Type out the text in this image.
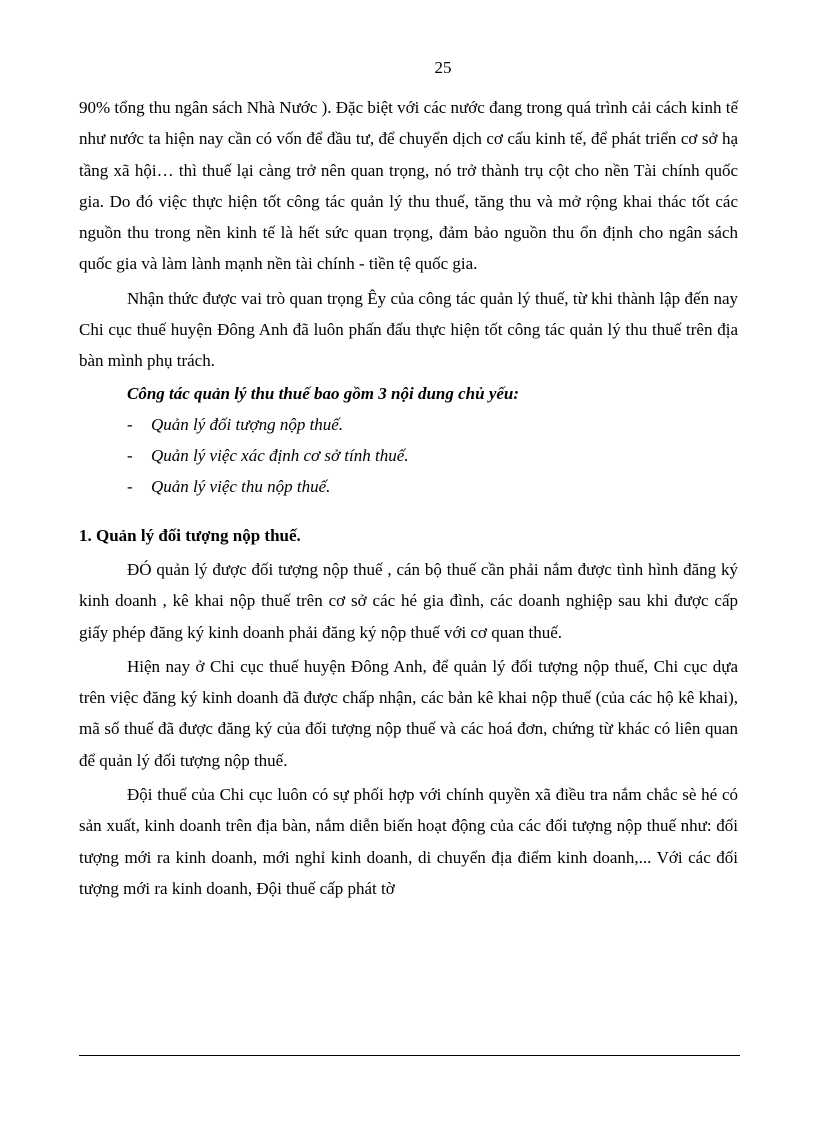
25

90% tổng thu ngân sách Nhà Nước ). Đặc biệt với các nước đang trong quá trình cải cách kinh tế như nước ta hiện nay cần có vốn để đầu tư, để chuyển dịch cơ cấu kinh tế, để phát triển cơ sở hạ tầng xã hội… thì thuế lại càng trở nên quan trọng, nó trở thành trụ cột cho nền Tài chính quốc gia. Do đó việc thực hiện tốt công tác quản lý thu thuế, tăng thu và mở rộng khai thác tốt các nguồn thu trong nền kinh tế là hết sức quan trọng, đảm bảo nguồn thu ổn định cho ngân sách quốc gia và làm lành mạnh nền tài chính - tiền tệ quốc gia.

Nhận thức được vai trò quan trọng Êy của công tác quản lý thuế, từ khi thành lập đến nay Chi cục thuế huyện Đông Anh đã luôn phấn đấu thực hiện tốt công tác quản lý thu thuế trên địa bàn mình phụ trách.

Công tác quản lý thu thuế bao gồm 3 nội dung chủ yếu:
- Quản lý đối tượng nộp thuế.
- Quản lý việc xác định cơ sở tính thuế.
- Quản lý việc thu nộp thuế.
1. Quản lý đối tượng nộp thuế.

ĐÓ quản lý được đối tượng nộp thuế , cán bộ thuế cần phải nắm được tình hình đăng ký kinh doanh , kê khai nộp thuế trên cơ sở các hé gia đình, các doanh nghiệp sau khi được cấp giấy phép đăng ký kinh doanh phải đăng ký nộp thuế với cơ quan thuế.

Hiện nay ở Chi cục thuế huyện Đông Anh, để quản lý đối tượng nộp thuế, Chi cục dựa trên việc đăng ký kinh doanh đã được chấp nhận, các bản kê khai nộp thuế (của các hộ kê khai), mã số thuế đã được đăng ký của đối tượng nộp thuế và các hoá đơn, chứng từ khác có liên quan để quản lý đối tượng nộp thuế.

Đội thuế của Chi cục luôn có sự phối hợp với chính quyền xã điều tra nắm chắc sè hé có sản xuất, kinh doanh trên địa bàn, nắm diễn biến hoạt động của các đối tượng nộp thuế như: đối tượng mới ra kinh doanh, mới nghỉ kinh doanh, di chuyển địa điểm kinh doanh,... Với các đối tượng mới ra kinh doanh, Đội thuế cấp phát tờ
